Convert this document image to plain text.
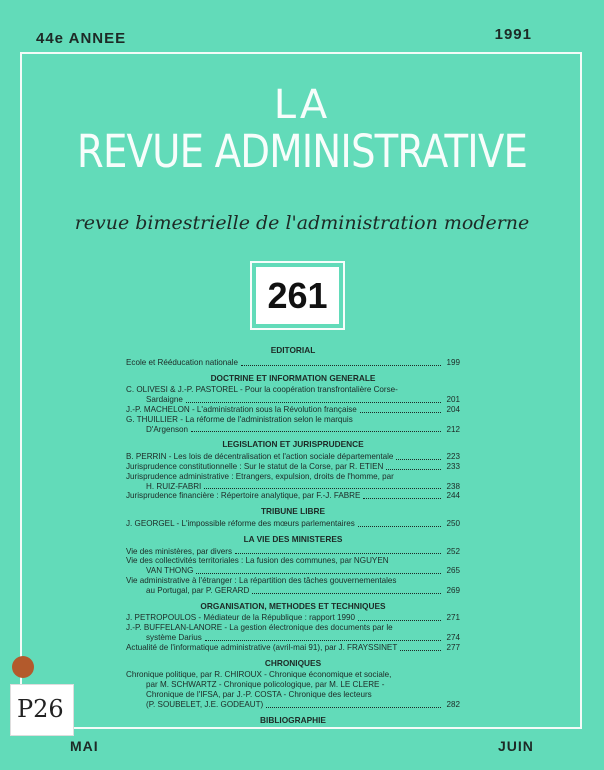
44e ANNEE	1991
LA
REVUE ADMINISTRATIVE
revue bimestrielle de l'administration moderne
261
EDITORIAL
Ecole et Rééducation nationale	199
DOCTRINE ET INFORMATION GENERALE
C. OLIVESI & J.-P. PASTOREL - Pour la coopération transfrontalière Corse-
Sardaigne	201
J.-P. MACHELON - L'administration sous la Révolution française	204
G. THUILLIER - La réforme de l'administration selon le marquis
D'Argenson	212
LEGISLATION ET JURISPRUDENCE
B. PERRIN - Les lois de décentralisation et l'action sociale départementale	223
Jurisprudence constitutionnelle : Sur le statut de la Corse, par R. ETIEN	233
Jurisprudence administrative : Etrangers, expulsion, droits de l'homme, par
H. RUIZ-FABRI	238
Jurisprudence financière : Répertoire analytique, par F.-J. FABRE	244
TRIBUNE LIBRE
J. GEORGEL - L'impossible réforme des mœurs parlementaires	250
LA VIE DES MINISTERES
Vie des ministères, par divers	252
Vie des collectivités territoriales : La fusion des communes, par NGUYEN
VAN THONG	265
Vie administrative à l'étranger : La répartition des tâches gouvernementales
au Portugal, par P. GERARD	269
ORGANISATION, METHODES ET TECHNIQUES
J. PETROPOULOS - Médiateur de la République : rapport 1990	271
J.-P. BUFFELAN-LANORE - La gestion électronique des documents par le
système Darius	274
Actualité de l'informatique administrative (avril-mai 91), par J. FRAYSSINET	277
CHRONIQUES
Chronique politique, par R. CHIROUX - Chronique économique et sociale,
par M. SCHWARTZ - Chronique policologique, par M. LE CLERE -
Chronique de l'IFSA, par J.-P. COSTA - Chronique des lecteurs
(P. SOUBELET, J.E. GODEAUT)	282
BIBLIOGRAPHIE
P26
MAI	JUIN
